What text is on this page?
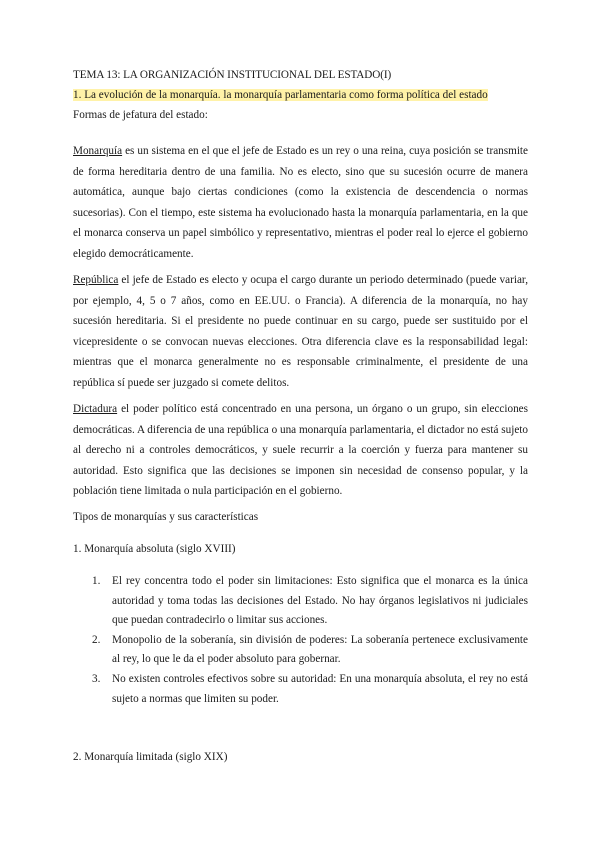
TEMA 13: LA ORGANIZACIÓN INSTITUCIONAL DEL ESTADO(I)
1. La evolución de la monarquía. la monarquía parlamentaria como forma política del estado
Formas de jefatura del estado:
Monarquía es un sistema en el que el jefe de Estado es un rey o una reina, cuya posición se transmite de forma hereditaria dentro de una familia. No es electo, sino que su sucesión ocurre de manera automática, aunque bajo ciertas condiciones (como la existencia de descendencia o normas sucesorias). Con el tiempo, este sistema ha evolucionado hasta la monarquía parlamentaria, en la que el monarca conserva un papel simbólico y representativo, mientras el poder real lo ejerce el gobierno elegido democráticamente.
República el jefe de Estado es electo y ocupa el cargo durante un periodo determinado (puede variar, por ejemplo, 4, 5 o 7 años, como en EE.UU. o Francia). A diferencia de la monarquía, no hay sucesión hereditaria. Si el presidente no puede continuar en su cargo, puede ser sustituido por el vicepresidente o se convocan nuevas elecciones. Otra diferencia clave es la responsabilidad legal: mientras que el monarca generalmente no es responsable criminalmente, el presidente de una república sí puede ser juzgado si comete delitos.
Dictadura el poder político está concentrado en una persona, un órgano o un grupo, sin elecciones democráticas. A diferencia de una república o una monarquía parlamentaria, el dictador no está sujeto al derecho ni a controles democráticos, y suele recurrir a la coerción y fuerza para mantener su autoridad. Esto significa que las decisiones se imponen sin necesidad de consenso popular, y la población tiene limitada o nula participación en el gobierno.
Tipos de monarquías y sus características
1. Monarquía absoluta (siglo XVIII)
1. El rey concentra todo el poder sin limitaciones: Esto significa que el monarca es la única autoridad y toma todas las decisiones del Estado. No hay órganos legislativos ni judiciales que puedan contradecirlo o limitar sus acciones.
2. Monopolio de la soberanía, sin división de poderes: La soberanía pertenece exclusivamente al rey, lo que le da el poder absoluto para gobernar.
3. No existen controles efectivos sobre su autoridad: En una monarquía absoluta, el rey no está sujeto a normas que limiten su poder.
2. Monarquía limitada (siglo XIX)
